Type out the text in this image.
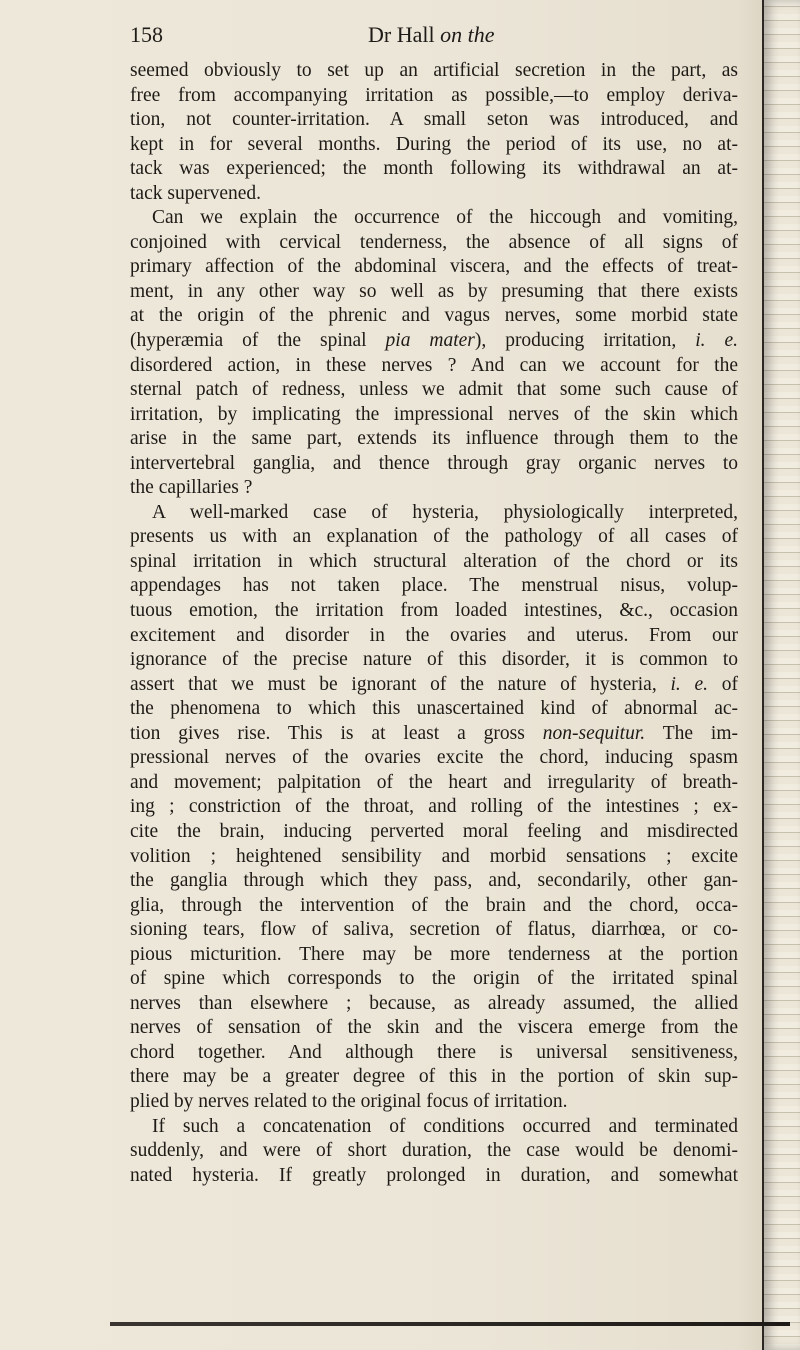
158	Dr Hall on the
seemed obviously to set up an artificial secretion in the part, as
free from accompanying irritation as possible,—to employ deriva-
tion, not counter-irritation. A small seton was introduced, and
kept in for several months. During the period of its use, no at-
tack was experienced; the month following its withdrawal an at-
tack supervened.
Can we explain the occurrence of the hiccough and vomiting,
conjoined with cervical tenderness, the absence of all signs of
primary affection of the abdominal viscera, and the effects of treat-
ment, in any other way so well as by presuming that there exists
at the origin of the phrenic and vagus nerves, some morbid state
(hyperæmia of the spinal pia mater), producing irritation, i. e.
disordered action, in these nerves ? And can we account for the
sternal patch of redness, unless we admit that some such cause of
irritation, by implicating the impressional nerves of the skin which
arise in the same part, extends its influence through them to the
intervertebral ganglia, and thence through gray organic nerves to
the capillaries ?
A well-marked case of hysteria, physiologically interpreted,
presents us with an explanation of the pathology of all cases of
spinal irritation in which structural alteration of the chord or its
appendages has not taken place. The menstrual nisus, volup-
tuous emotion, the irritation from loaded intestines, &c., occasion
excitement and disorder in the ovaries and uterus. From our
ignorance of the precise nature of this disorder, it is common to
assert that we must be ignorant of the nature of hysteria, i. e. of
the phenomena to which this unascertained kind of abnormal ac-
tion gives rise. This is at least a gross non-sequitur. The im-
pressional nerves of the ovaries excite the chord, inducing spasm
and movement; palpitation of the heart and irregularity of breath-
ing ; constriction of the throat, and rolling of the intestines ; ex-
cite the brain, inducing perverted moral feeling and misdirected
volition ; heightened sensibility and morbid sensations ; excite
the ganglia through which they pass, and, secondarily, other gan-
glia, through the intervention of the brain and the chord, occa-
sioning tears, flow of saliva, secretion of flatus, diarrhœa, or co-
pious micturition. There may be more tenderness at the portion
of spine which corresponds to the origin of the irritated spinal
nerves than elsewhere ; because, as already assumed, the allied
nerves of sensation of the skin and the viscera emerge from the
chord together. And although there is universal sensitiveness,
there may be a greater degree of this in the portion of skin sup-
plied by nerves related to the original focus of irritation.
If such a concatenation of conditions occurred and terminated
suddenly, and were of short duration, the case would be denomi-
nated hysteria. If greatly prolonged in duration, and somewhat
